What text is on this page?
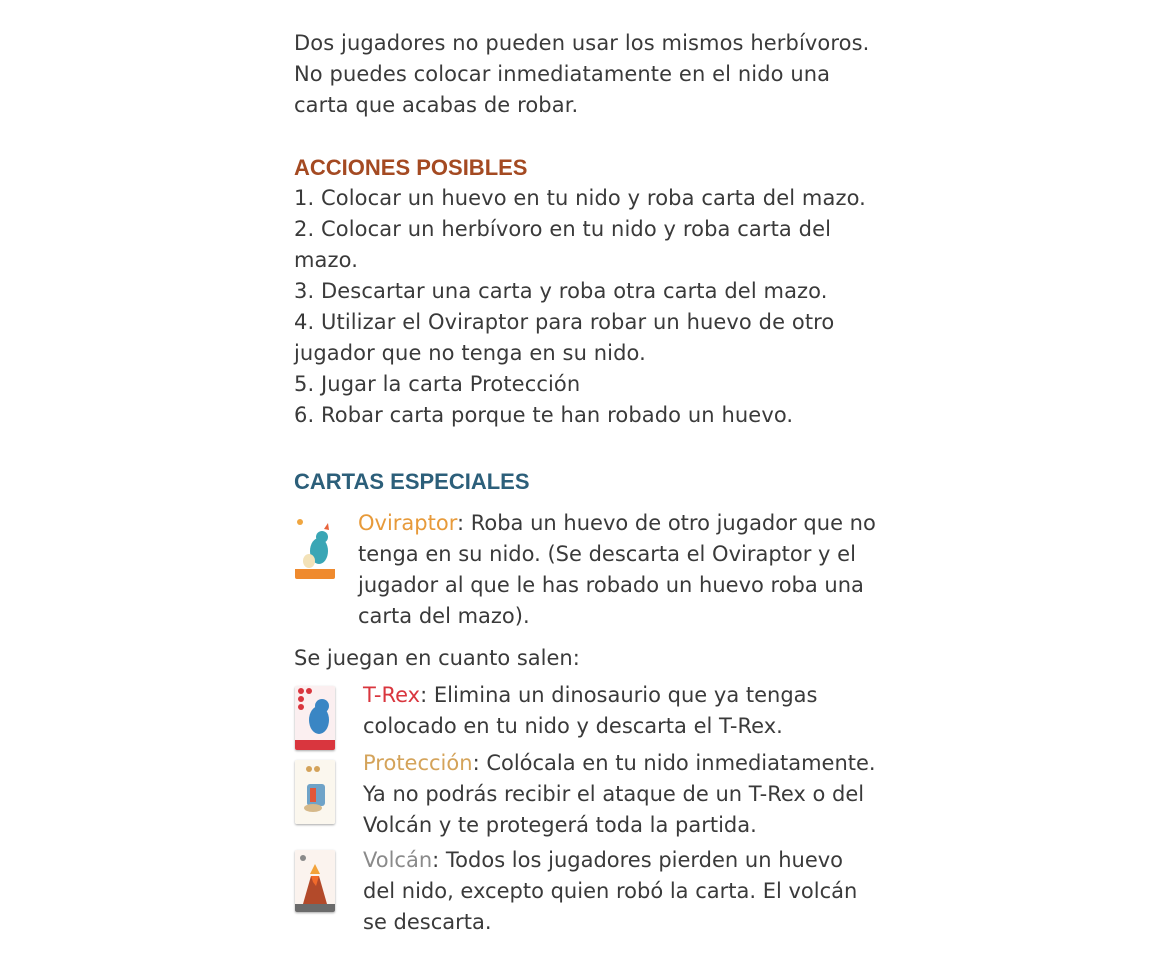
Dos jugadores no pueden usar los mismos herbívoros.
No puedes colocar inmediatamente en el nido una
carta que acabas de robar.
ACCIONES POSIBLES
1. Colocar un huevo en tu nido y roba carta del mazo.
2. Colocar un herbívoro en tu nido y roba carta del
mazo.
3. Descartar una carta y roba otra carta del mazo.
4. Utilizar el Oviraptor para robar un huevo de otro
jugador que no tenga en su nido.
5. Jugar la carta Protección
6. Robar carta porque te han robado un huevo.
CARTAS ESPECIALES
Oviraptor: Roba un huevo de otro jugador que no
tenga en su nido. (Se descarta el Oviraptor y el
jugador al que le has robado un huevo roba una
carta del mazo).
Se juegan en cuanto salen:
T-Rex: Elimina un dinosaurio que ya tengas
colocado en tu nido y descarta el T-Rex.
Protección: Colócala en tu nido inmediatamente.
Ya no podrás recibir el ataque de un T-Rex o del
Volcán y te protegerá toda la partida.
Volcán: Todos los jugadores pierden un huevo
del nido, excepto quien robó la carta. El volcán
se descarta.
